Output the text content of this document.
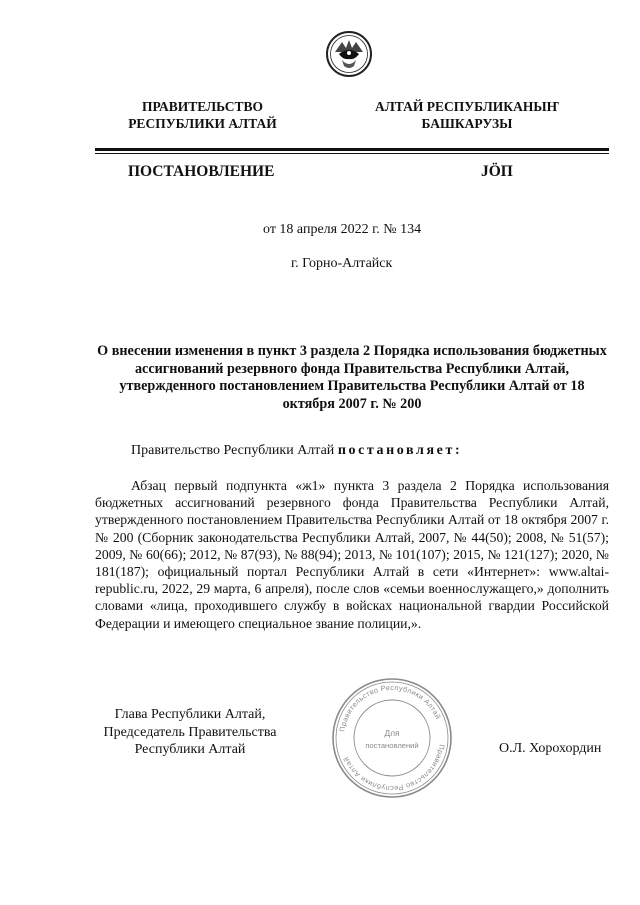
ПРАВИТЕЛЬСТВО
РЕСПУБЛИКИ АЛТАЙ
АЛТАЙ РЕСПУБЛИКАНЫҤ
БАШКАРУЗЫ
ПОСТАНОВЛЕНИЕ	JÖП
от 18 апреля 2022 г. № 134
г. Горно-Алтайск
О внесении изменения в пункт 3 раздела 2 Порядка использования бюджетных ассигнований резервного фонда Правительства Республики Алтай, утвержденного постановлением Правительства Республики Алтай от 18 октября 2007 г. № 200
Правительство Республики Алтай постановляет:
Абзац первый подпункта «ж1» пункта 3 раздела 2 Порядка использования бюджетных ассигнований резервного фонда Правительства Республики Алтай, утвержденного постановлением Правительства Республики Алтай от 18 октября 2007 г. № 200 (Сборник законодательства Республики Алтай, 2007, № 44(50); 2008, № 51(57); 2009, № 60(66); 2012, № 87(93), № 88(94); 2013, № 101(107); 2015, № 121(127); 2020, № 181(187); официальный портал Республики Алтай в сети «Интернет»: www.altai-republic.ru, 2022, 29 марта, 6 апреля), после слов «семьи военнослужащего,» дополнить словами «лица, проходившего службу в войсках национальной гвардии Российской Федерации и имеющего специальное звание полиции,».
Глава Республики Алтай,
Председатель Правительства
Республики Алтай	О.Л. Хорохордин
Правительство Республики Алтай
Правительство Республики Алтай
Для
постановлений
